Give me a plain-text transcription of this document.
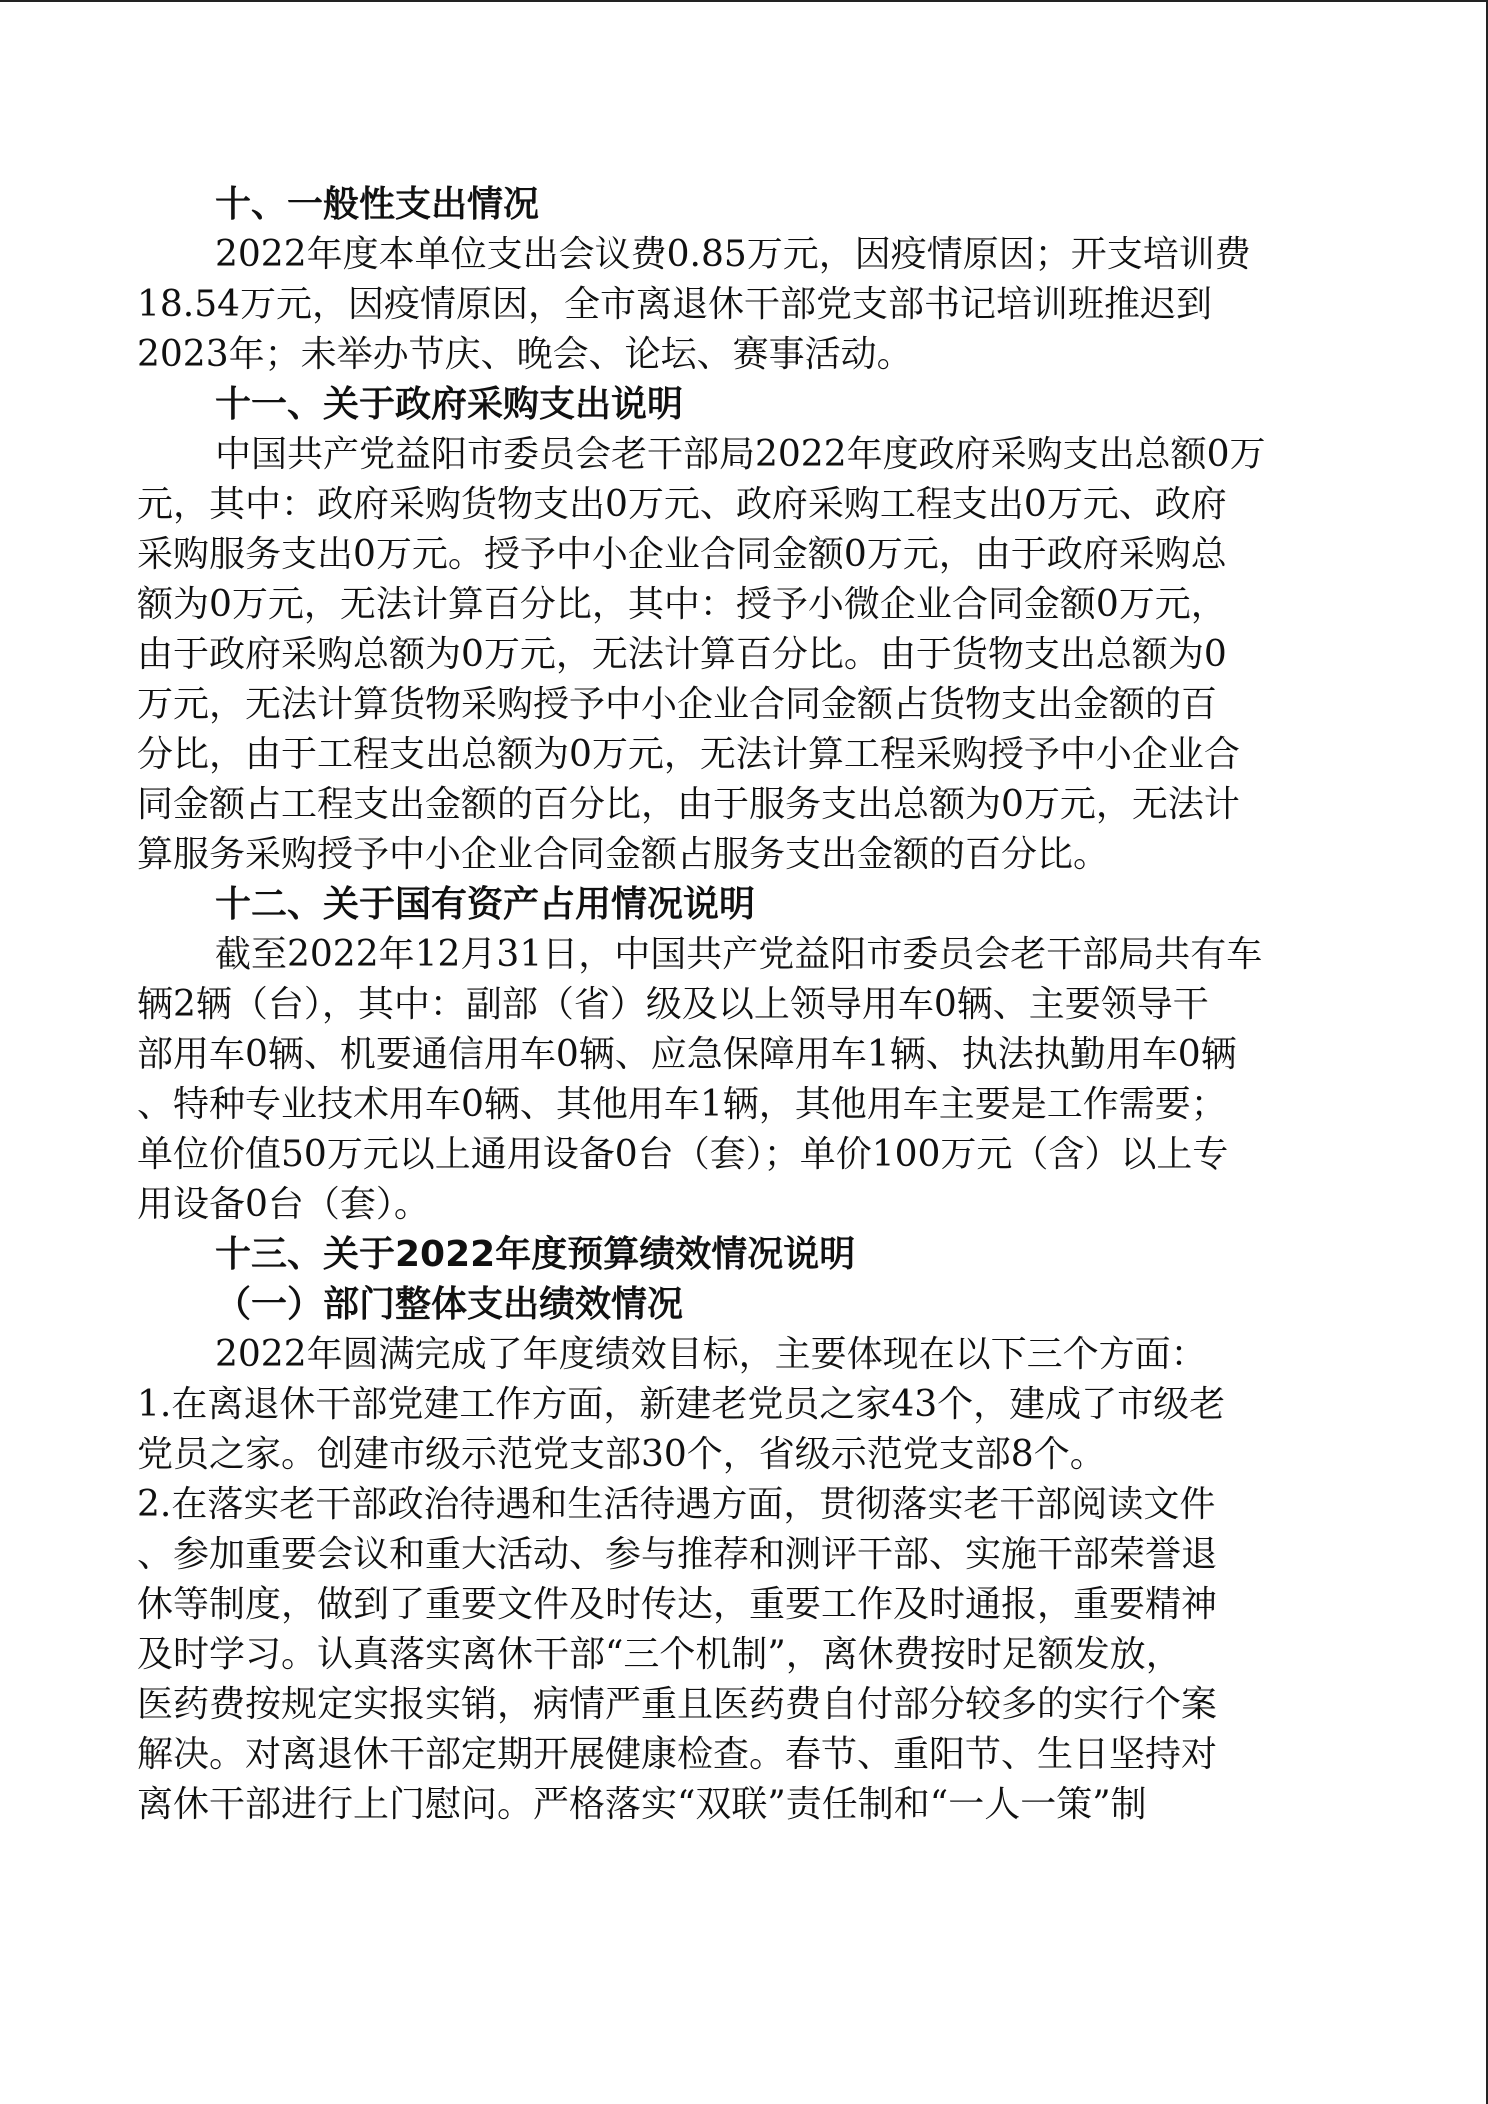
十、一般性支出情况
2022年度本单位支出会议费0.85万元，因疫情原因；开支培训费
18.54万元，因疫情原因，全市离退休干部党支部书记培训班推迟到
2023年；未举办节庆、晚会、论坛、赛事活动。
十一、关于政府采购支出说明
中国共产党益阳市委员会老干部局2022年度政府采购支出总额0万
元，其中：政府采购货物支出0万元、政府采购工程支出0万元、政府
采购服务支出0万元。授予中小企业合同金额0万元，由于政府采购总
额为0万元，无法计算百分比，其中：授予小微企业合同金额0万元，
由于政府采购总额为0万元，无法计算百分比。由于货物支出总额为0
万元，无法计算货物采购授予中小企业合同金额占货物支出金额的百
分比，由于工程支出总额为0万元，无法计算工程采购授予中小企业合
同金额占工程支出金额的百分比，由于服务支出总额为0万元，无法计
算服务采购授予中小企业合同金额占服务支出金额的百分比。
十二、关于国有资产占用情况说明
截至2022年12月31日，中国共产党益阳市委员会老干部局共有车
辆2辆（台），其中：副部（省）级及以上领导用车0辆、主要领导干
部用车0辆、机要通信用车0辆、应急保障用车1辆、执法执勤用车0辆
、特种专业技术用车0辆、其他用车1辆，其他用车主要是工作需要；
单位价值50万元以上通用设备0台（套）；单价100万元（含）以上专
用设备0台（套）。
十三、关于2022年度预算绩效情况说明
（一）部门整体支出绩效情况
2022年圆满完成了年度绩效目标，主要体现在以下三个方面：
1.在离退休干部党建工作方面，新建老党员之家43个，建成了市级老
党员之家。创建市级示范党支部30个，省级示范党支部8个。
2.在落实老干部政治待遇和生活待遇方面，贯彻落实老干部阅读文件
、参加重要会议和重大活动、参与推荐和测评干部、实施干部荣誉退
休等制度，做到了重要文件及时传达，重要工作及时通报，重要精神
及时学习。认真落实离休干部“三个机制”，离休费按时足额发放，
医药费按规定实报实销，病情严重且医药费自付部分较多的实行个案
解决。对离退休干部定期开展健康检查。春节、重阳节、生日坚持对
离休干部进行上门慰问。严格落实“双联”责任制和“一人一策”制
